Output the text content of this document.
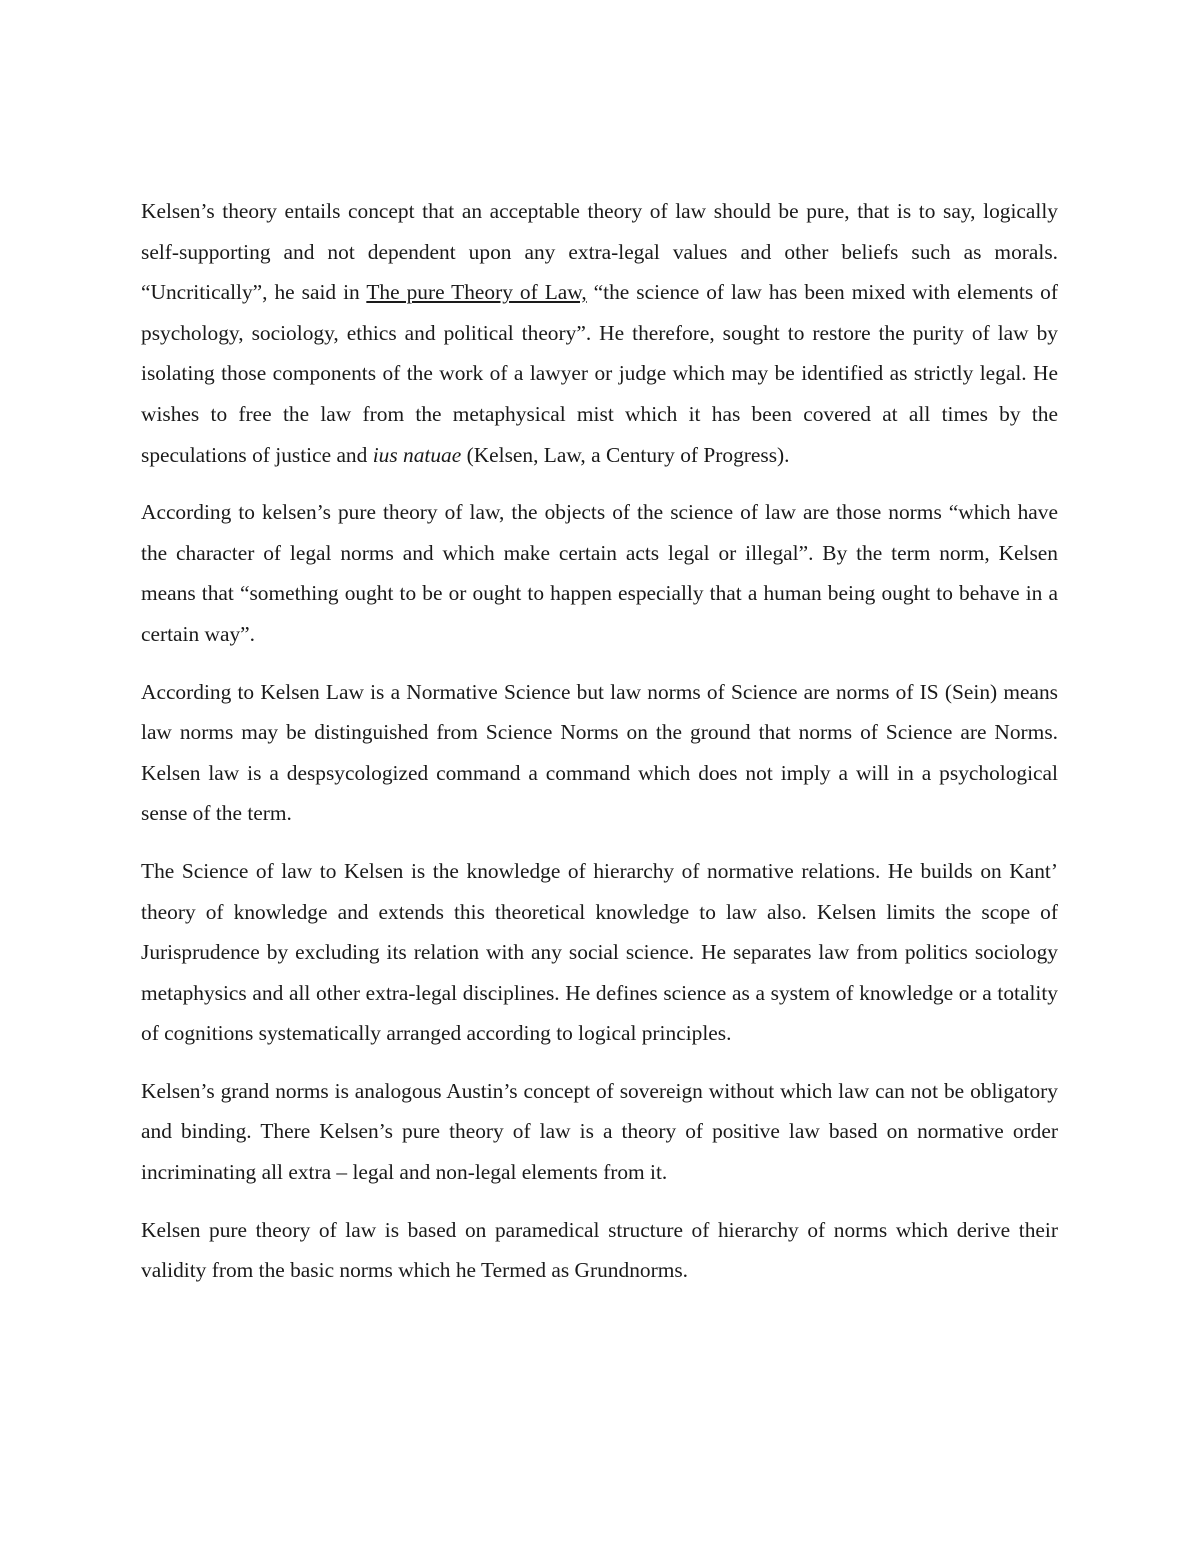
Kelsen’s theory entails concept that an acceptable theory of law should be pure, that is to say, logically self-supporting and not dependent upon any extra-legal values and other beliefs such as morals. “Uncritically”, he said in The pure Theory of Law, “the science of law has been mixed with elements of psychology, sociology, ethics and political theory”. He therefore, sought to restore the purity of law by isolating those components of the work of a lawyer or judge which may be identified as strictly legal. He wishes to free the law from the metaphysical mist which it has been covered at all times by the speculations of justice and ius natuae (Kelsen, Law, a Century of Progress).

According to kelsen’s pure theory of law, the objects of the science of law are those norms “which have the character of legal norms and which make certain acts legal or illegal”. By the term norm, Kelsen means that “something ought to be or ought to happen especially that a human being ought to behave in a certain way”.

According to Kelsen Law is a Normative Science but law norms of Science are norms of IS (Sein) means law norms may be distinguished from Science Norms on the ground that norms of Science are Norms. Kelsen law is a despsycologized command a command which does not imply a will in a psychological sense of the term.

The Science of law to Kelsen is the knowledge of hierarchy of normative relations. He builds on Kant’ theory of knowledge and extends this theoretical knowledge to law also. Kelsen limits the scope of Jurisprudence by excluding its relation with any social science. He separates law from politics sociology metaphysics and all other extra-legal disciplines. He defines science as a system of knowledge or a totality of cognitions systematically arranged according to logical principles.

Kelsen’s grand norms is analogous Austin’s concept of sovereign without which law can not be obligatory and binding. There Kelsen’s pure theory of law is a theory of positive law based on normative order incriminating all extra – legal and non-legal elements from it.

Kelsen pure theory of law is based on paramedical structure of hierarchy of norms which derive their validity from the basic norms which he Termed as Grundnorms.
